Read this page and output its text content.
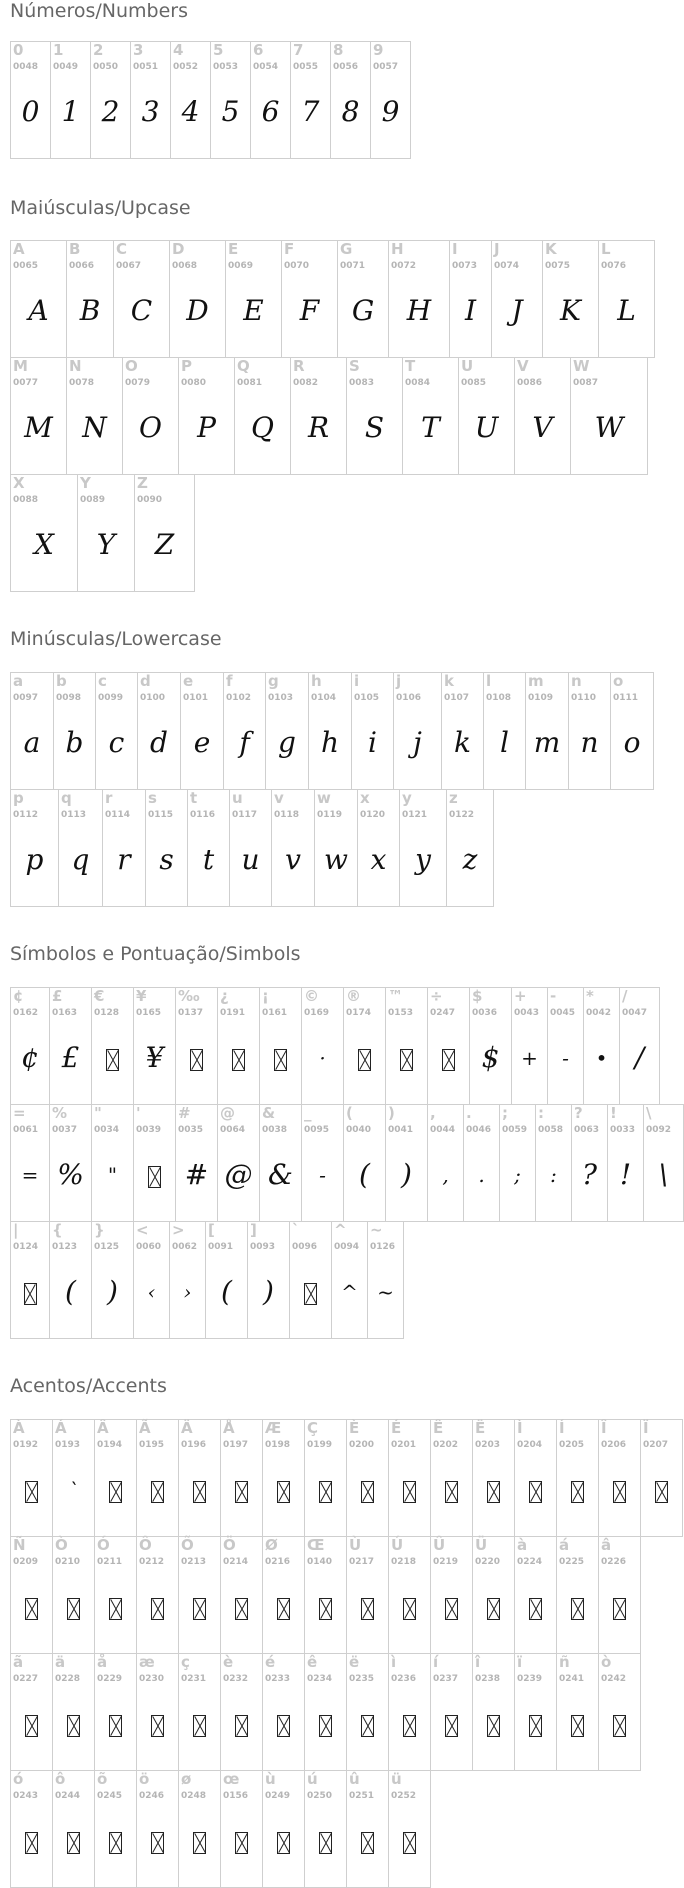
Números/Numbers
Maiúsculas/Upcase
Minúsculas/Lowercase
Símbolos e Pontuação/Simbols
Acentos/Accents
0
0048
0
1
0049
1
2
0050
2
3
0051
3
4
0052
4
5
0053
5
6
0054
6
7
0055
7
8
0056
8
9
0057
9
A
0065
A
B
0066
B
C
0067
C
D
0068
D
E
0069
E
F
0070
F
G
0071
G
H
0072
H
I
0073
I
J
0074
J
K
0075
K
L
0076
L
M
0077
M
N
0078
N
O
0079
O
P
0080
P
Q
0081
Q
R
0082
R
S
0083
S
T
0084
T
U
0085
U
V
0086
V
W
0087
W
X
0088
X
Y
0089
Y
Z
0090
Z
a
0097
a
b
0098
b
c
0099
c
d
0100
d
e
0101
e
f
0102
f
g
0103
g
h
0104
h
i
0105
i
j
0106
j
k
0107
k
l
0108
l
m
0109
m
n
0110
n
o
0111
o
p
0112
p
q
0113
q
r
0114
r
s
0115
s
t
0116
t
u
0117
u
v
0118
v
w
0119
w
x
0120
x
y
0121
y
z
0122
z
¢
0162
¢
£
0163
£
€
0128
¥
0165
¥
‰
0137
¿
0191
¡
0161
©
0169
·
®
0174
™
0153
÷
0247
$
0036
$
+
0043
+
-
0045
-
*
0042
•
/
0047
/
=
0061
=
%
0037
%
"
0034
"
'
0039
#
0035
#
@
0064
@
&
0038
&
_
0095
-
(
0040
(
)
0041
)
,
0044
,
.
0046
.
;
0059
;
:
0058
:
?
0063
?
!
0033
!
\
0092
\
|
0124
{
0123
(
}
0125
)
<
0060
‹
>
0062
›
[
0091
(
]
0093
)
`
0096
^
0094
^
~
0126
~
À
0192
Á
0193
`
Â
0194
Ã
0195
Ä
0196
Å
0197
Æ
0198
Ç
0199
È
0200
É
0201
Ê
0202
Ë
0203
Ì
0204
Í
0205
Î
0206
Ï
0207
Ñ
0209
Ò
0210
Ó
0211
Ô
0212
Õ
0213
Ö
0214
Ø
0216
Œ
0140
Ù
0217
Ú
0218
Û
0219
Ü
0220
à
0224
á
0225
â
0226
ã
0227
ä
0228
å
0229
æ
0230
ç
0231
è
0232
é
0233
ê
0234
ë
0235
ì
0236
í
0237
î
0238
ï
0239
ñ
0241
ò
0242
ó
0243
ô
0244
õ
0245
ö
0246
ø
0248
œ
0156
ù
0249
ú
0250
û
0251
ü
0252
